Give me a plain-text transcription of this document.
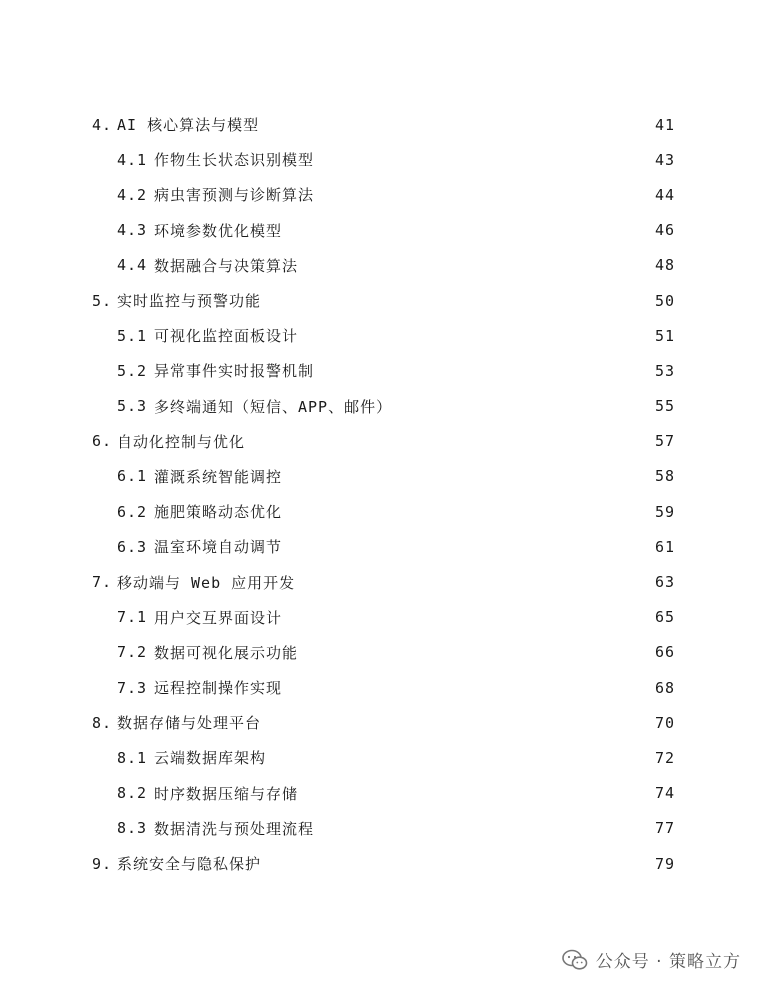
4. AI 核心算法与模型	41
4.1 作物生长状态识别模型	43
4.2 病虫害预测与诊断算法	44
4.3 环境参数优化模型	46
4.4 数据融合与决策算法	48
5. 实时监控与预警功能	50
5.1 可视化监控面板设计	51
5.2 异常事件实时报警机制	53
5.3 多终端通知（短信、APP、邮件）	55
6. 自动化控制与优化	57
6.1 灌溉系统智能调控	58
6.2 施肥策略动态优化	59
6.3 温室环境自动调节	61
7. 移动端与 Web 应用开发	63
7.1 用户交互界面设计	65
7.2 数据可视化展示功能	66
7.3 远程控制操作实现	68
8. 数据存储与处理平台	70
8.1 云端数据库架构	72
8.2 时序数据压缩与存储	74
8.3 数据清洗与预处理流程	77
9. 系统安全与隐私保护	79
公众号 · 策略立方
